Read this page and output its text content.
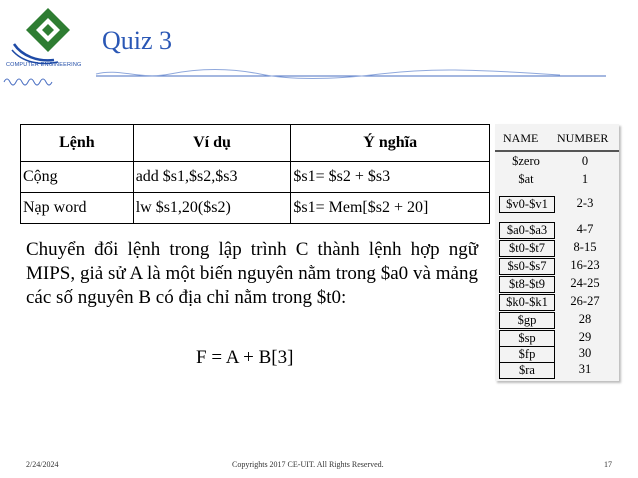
COMPUTER ENGINEERING
Quiz 3
Lệnh	Ví dụ	Ý nghĩa
Cộng	add $s1,$s2,$s3	$s1= $s2 + $s3
Nạp word	lw $s1,20($s2)	$s1= Mem[$s2 + 20]
NAME NUMBER
$zero	0
$at	1
$v0-$v1	2-3
$a0-$a3	4-7
$t0-$t7	8-15
$s0-$s7	16-23
$t8-$t9	24-25
$k0-$k1	26-27
$gp	28
$sp	29
$fp	30
$ra	31
Chuyển đổi lệnh trong lập trình C thành lệnh hợp ngữ MIPS, giả sử A là một biến nguyên nằm trong $a0 và mảng các số nguyên B có địa chỉ nằm trong $t0:
F = A + B[3]
2/24/2024	Copyrights 2017 CE-UIT. All Rights Reserved.	17
